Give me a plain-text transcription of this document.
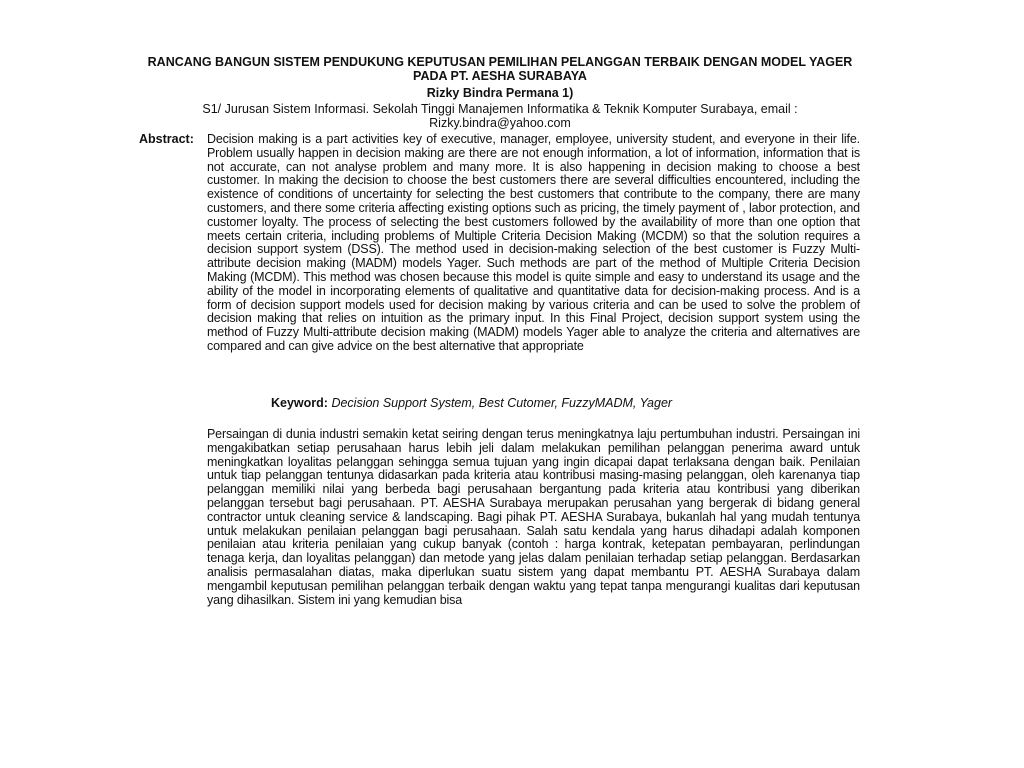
RANCANG BANGUN SISTEM PENDUKUNG KEPUTUSAN PEMILIHAN PELANGGAN TERBAIK DENGAN MODEL YAGER PADA PT. AESHA SURABAYA
Rizky Bindra Permana 1)
S1/ Jurusan Sistem Informasi. Sekolah Tinggi Manajemen Informatika & Teknik Komputer Surabaya, email : Rizky.bindra@yahoo.com
Abstract: Decision making is a part activities key of executive, manager, employee, university student, and everyone in their life. Problem usually happen in decision making are there are not enough information, a lot of information, information that is not accurate, can not analyse problem and many more. It is also happening in decision making to choose a best customer. In making the decision to choose the best customers there are several difficulties encountered, including the existence of conditions of uncertainty for selecting the best customers that contribute to the company, there are many customers, and there some criteria affecting existing options such as pricing, the timely payment of , labor protection, and customer loyalty. The process of selecting the best customers followed by the availability of more than one option that meets certain criteria, including problems of Multiple Criteria Decision Making (MCDM) so that the solution requires a decision support system (DSS). The method used in decision-making selection of the best customer is Fuzzy Multi-attribute decision making (MADM) models Yager. Such methods are part of the method of Multiple Criteria Decision Making (MCDM). This method was chosen because this model is quite simple and easy to understand its usage and the ability of the model in incorporating elements of qualitative and quantitative data for decision-making process. And is a form of decision support models used for decision making by various criteria and can be used to solve the problem of decision making that relies on intuition as the primary input. In this Final Project, decision support system using the method of Fuzzy Multi-attribute decision making (MADM) models Yager able to analyze the criteria and alternatives are compared and can give advice on the best alternative that appropriate
Keyword: Decision Support System, Best Cutomer, FuzzyMADM, Yager
Persaingan di dunia industri semakin ketat seiring dengan terus meningkatnya laju pertumbuhan industri. Persaingan ini mengakibatkan setiap perusahaan harus lebih jeli dalam melakukan pemilihan pelanggan penerima award untuk meningkatkan loyalitas pelanggan sehingga semua tujuan yang ingin dicapai dapat terlaksana dengan baik. Penilaian untuk tiap pelanggan tentunya didasarkan pada kriteria atau kontribusi masing-masing pelanggan, oleh karenanya tiap pelanggan memiliki nilai yang berbeda bagi perusahaan bergantung pada kriteria atau kontribusi yang diberikan pelanggan tersebut bagi perusahaan. PT. AESHA Surabaya merupakan perusahan yang bergerak di bidang general contractor untuk cleaning service & landscaping. Bagi pihak PT. AESHA Surabaya, bukanlah hal yang mudah tentunya untuk melakukan penilaian pelanggan bagi perusahaan. Salah satu kendala yang harus dihadapi adalah komponen penilaian atau kriteria penilaian yang cukup banyak (contoh : harga kontrak, ketepatan pembayaran, perlindungan tenaga kerja, dan loyalitas pelanggan) dan metode yang jelas dalam penilaian terhadap setiap pelanggan. Berdasarkan analisis permasalahan diatas, maka diperlukan suatu sistem yang dapat membantu PT. AESHA Surabaya dalam mengambil keputusan pemilihan pelanggan terbaik dengan waktu yang tepat tanpa mengurangi kualitas dari keputusan yang dihasilkan. Sistem ini yang kemudian bisa
